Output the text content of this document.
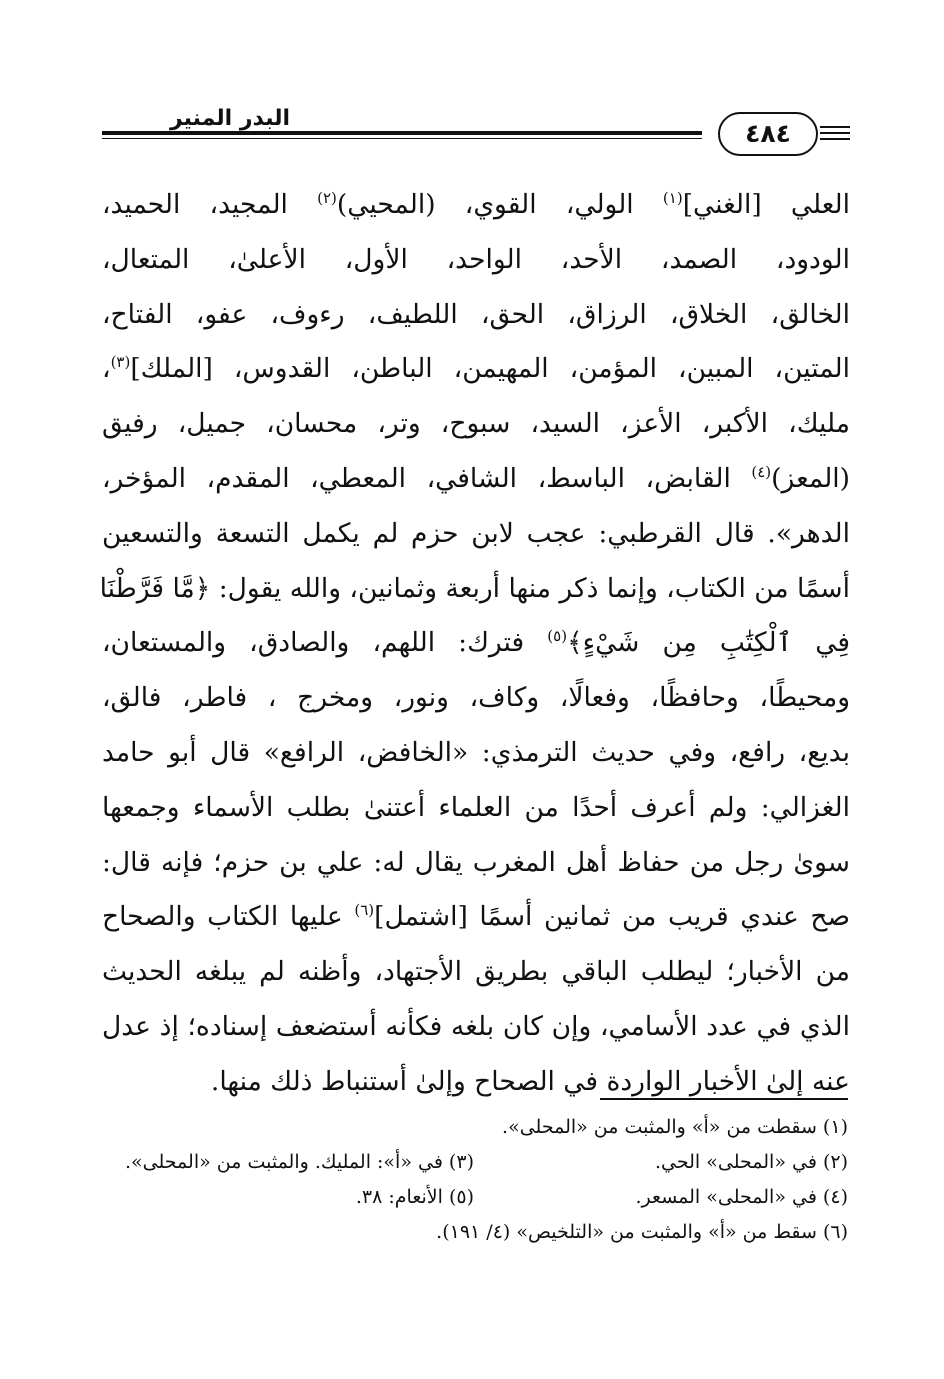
البدر المنير
٤٨٤
العلي [الغني]$^{(١)}$ الولي، القوي، (المحيي)$^{(٢)}$ المجيد، الحميد،
الودود، الصمد، الأحد، الواحد، الأول، الأعلىٰ، المتعال،
الخالق، الخلاق، الرزاق، الحق، اللطيف، رءوف، عفو، الفتاح،
المتين، المبين، المؤمن، المهيمن، الباطن، القدوس، [الملك]$^{(٣)}$،
مليك، الأكبر، الأعز، السيد، سبوح، وتر، محسان، جميل، رفيق
(المعز)$^{(٤)}$ القابض، الباسط، الشافي، المعطي، المقدم، المؤخر،
الدهر». قال القرطبي: عجب لابن حزم لم يكمل التسعة والتسعين
أسمًا من الكتاب، وإنما ذكر منها أربعة وثمانين، والله يقول: ﴿مَّا فَرَّطْنَا
فِي ٱلْكِتَٰبِ مِن شَيْءٍ﴾$^{(٥)}$ فترك: اللهم، والصادق، والمستعان،
ومحيطًا، وحافظًا، وفعالًا، وكاف، ونور، ومخرج ، فاطر، فالق،
بديع، رافع، وفي حديث الترمذي: «الخافض، الرافع» قال أبو حامد
الغزالي: ولم أعرف أحدًا من العلماء أعتنىٰ بطلب الأسماء وجمعها
سوىٰ رجل من حفاظ أهل المغرب يقال له: علي بن حزم؛ فإنه قال:
صح عندي قريب من ثمانين أسمًا [اشتمل]$^{(٦)}$ عليها الكتاب والصحاح
من الأخبار؛ ليطلب الباقي بطريق الأجتهاد، وأظنه لم يبلغه الحديث
الذي في عدد الأسامي، وإن كان بلغه فكأنه أستضعف إسناده؛ إذ عدل
عنه إلىٰ الأخبار الواردة في الصحاح وإلىٰ أستنباط ذلك منها.
(١) سقطت من «أ» والمثبت من «المحلى».
(٢) في «المحلى» الحي.
(٣) في «أ»: المليك. والمثبت من «المحلى».
(٤) في «المحلى» المسعر.
(٥) الأنعام: ٣٨.
(٦) سقط من «أ» والمثبت من «التلخيص» (٤/ ١٩١).
